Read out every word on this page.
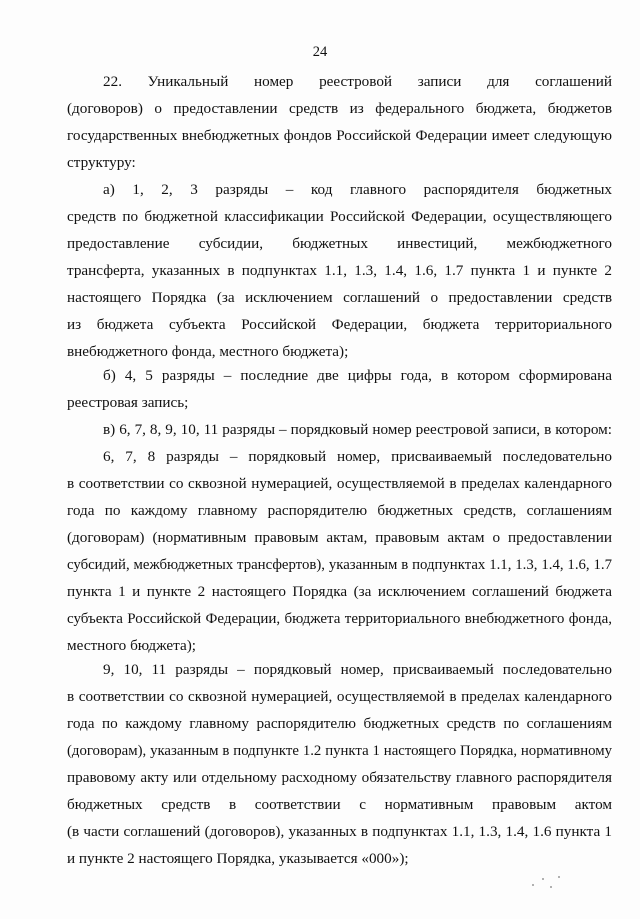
24
22.    Уникальный    номер    реестровой    записи    для    соглашений
(договоров) о предоставлении средств из федерального бюджета, бюджетов
государственных внебюджетных фондов Российской Федерации имеет следующую
структуру:
а)  1,  2,  3  разряды  –  код  главного  распорядителя  бюджетных
средств по бюджетной классификации Российской Федерации, осуществляющего
предоставление   субсидии,   бюджетных   инвестиций,   межбюджетного
трансферта, указанных в подпунктах 1.1, 1.3, 1.4, 1.6, 1.7 пункта 1 и пункте 2
настоящего Порядка (за исключением соглашений о предоставлении средств
из бюджета субъекта Российской Федерации, бюджета территориального
внебюджетного фонда, местного бюджета);
б) 4, 5 разряды – последние две цифры года, в котором сформирована
реестровая запись;
в) 6, 7, 8, 9, 10, 11 разряды – порядковый номер реестровой записи, в котором:
6, 7, 8 разряды – порядковый номер, присваиваемый последовательно
в соответствии со сквозной нумерацией, осуществляемой в пределах календарного
года по каждому главному распорядителю бюджетных средств, соглашениям
(договорам) (нормативным правовым актам, правовым актам о предоставлении
субсидий, межбюджетных трансфертов), указанным в подпунктах 1.1, 1.3, 1.4, 1.6, 1.7
пункта 1 и пункте 2 настоящего Порядка (за исключением соглашений бюджета
субъекта Российской Федерации, бюджета территориального внебюджетного фонда,
местного бюджета);
9, 10, 11 разряды – порядковый номер, присваиваемый последовательно
в соответствии со сквозной нумерацией, осуществляемой в пределах календарного
года по каждому главному распорядителю бюджетных средств по соглашениям
(договорам), указанным в подпункте 1.2 пункта 1 настоящего Порядка, нормативному
правовому акту или отдельному расходному обязательству главного распорядителя
бюджетных    средств    в    соответствии    с    нормативным    правовым    актом
(в части соглашений (договоров), указанных в подпунктах 1.1, 1.3, 1.4, 1.6 пункта 1
и пункте 2 настоящего Порядка, указывается «000»);
